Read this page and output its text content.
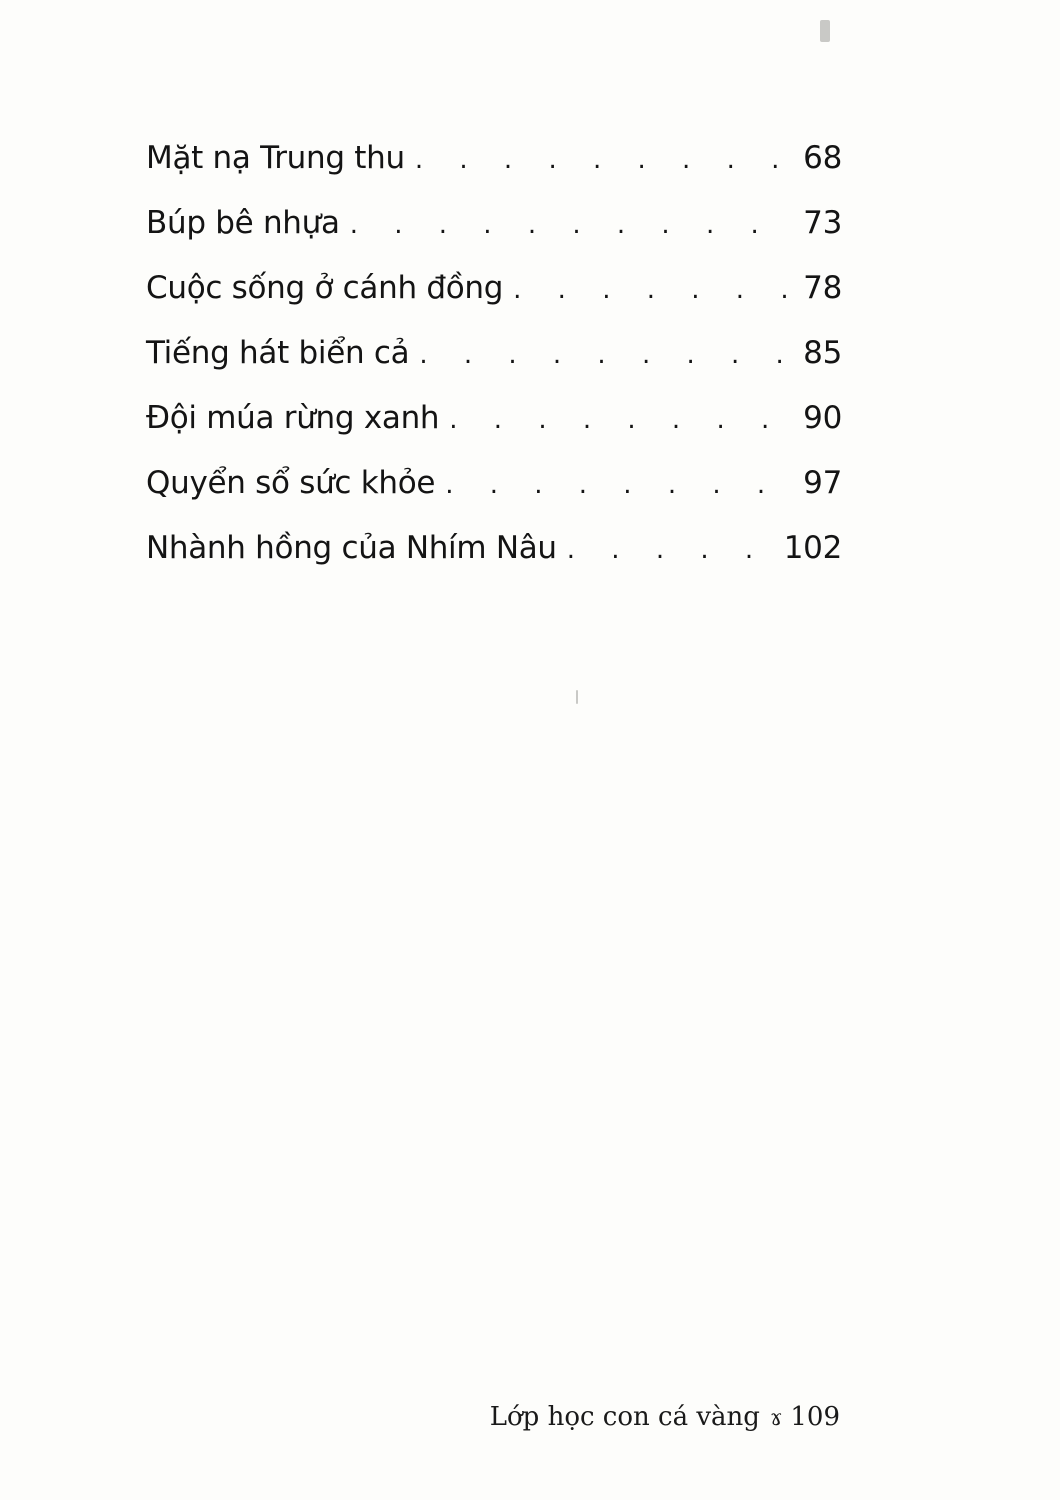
Mặt nạ Trung thu . . .	68
Búp bê nhựa . . .	73
Cuộc sống ở cánh đồng . . .	78
Tiếng hát biển cả . . .	85
Đội múa rừng xanh . . .	90
Quyển sổ sức khỏe . . .	97
Nhành hồng của Nhím Nâu . . .	102
Lớp học con cá vàng ɤ 109
